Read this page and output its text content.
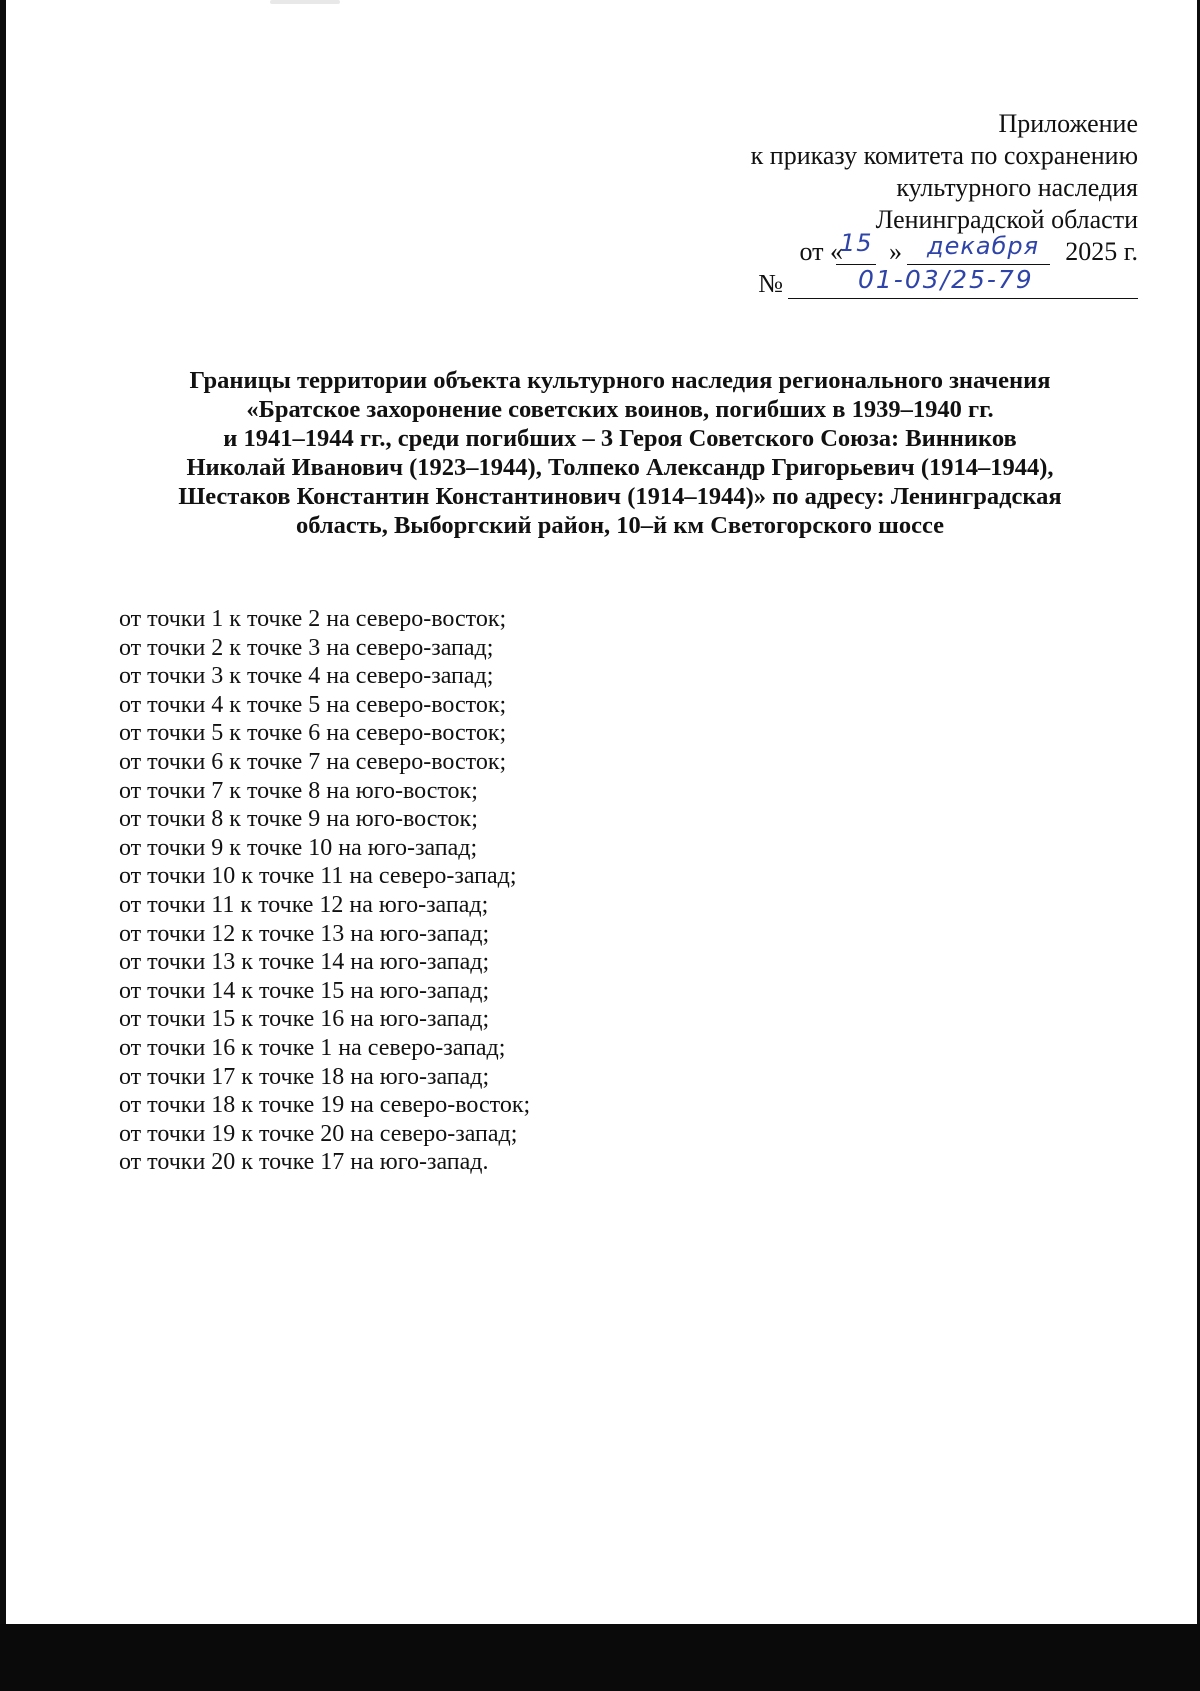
Приложение
к приказу комитета по сохранению
культурного наследия
Ленинградской области
от «
15 » декабря 2025 г.
№	01-03/25-79
Границы территории объекта культурного наследия регионального значения
«Братское захоронение советских воинов, погибших в 1939–1940 гг.
и 1941–1944 гг., среди погибших – 3 Героя Советского Союза: Винников
Николай Иванович (1923–1944), Толпеко Александр Григорьевич (1914–1944),
Шестаков Константин Константинович (1914–1944)» по адресу: Ленинградская
область, Выборгский район, 10–й км Светогорского шоссе
от точки 1 к точке 2 на северо-восток;
от точки 2 к точке 3 на северо-запад;
от точки 3 к точке 4 на северо-запад;
от точки 4 к точке 5 на северо-восток;
от точки 5 к точке 6 на северо-восток;
от точки 6 к точке 7 на северо-восток;
от точки 7 к точке 8 на юго-восток;
от точки 8 к точке 9 на юго-восток;
от точки 9 к точке 10 на юго-запад;
от точки 10 к точке 11 на северо-запад;
от точки 11 к точке 12 на юго-запад;
от точки 12 к точке 13 на юго-запад;
от точки 13 к точке 14 на юго-запад;
от точки 14 к точке 15 на юго-запад;
от точки 15 к точке 16 на юго-запад;
от точки 16 к точке 1 на северо-запад;
от точки 17 к точке 18 на юго-запад;
от точки 18 к точке 19 на северо-восток;
от точки 19 к точке 20 на северо-запад;
от точки 20 к точке 17 на юго-запад.
